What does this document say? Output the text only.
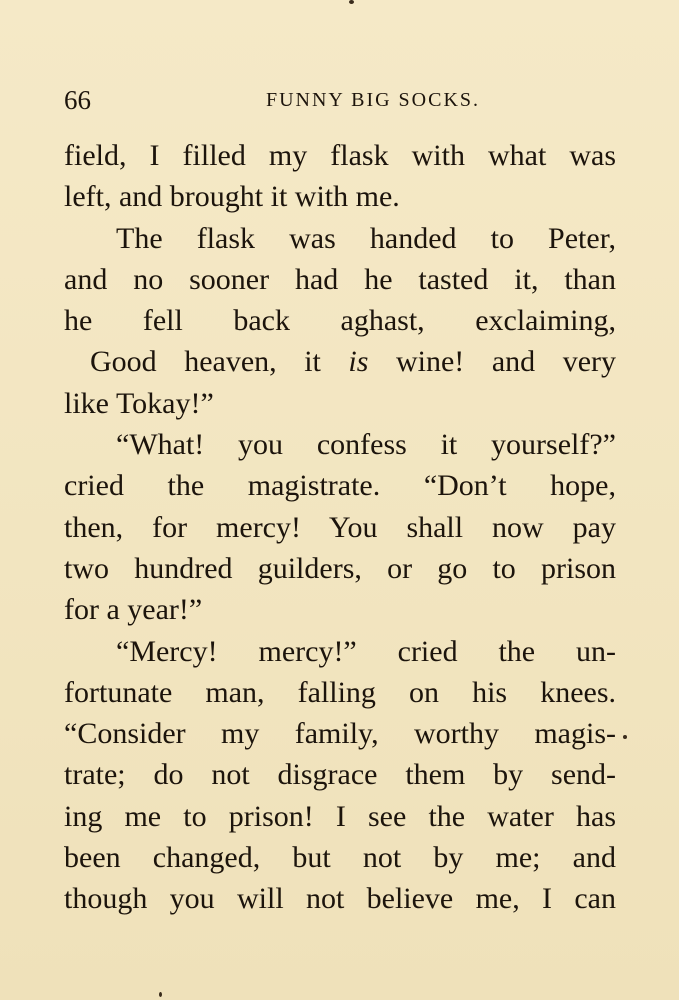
66	FUNNY BIG SOCKS.
field, I filled my flask with what was
left, and brought it with me.
The flask was handed to Peter,
and no sooner had he tasted it, than
he fell back aghast, exclaiming,
Good heaven, it is wine! and very
like Tokay!”
“What! you confess it yourself?”
cried the magistrate. “Don’t hope,
then, for mercy! You shall now pay
two hundred guilders, or go to prison
for a year!”
“Mercy! mercy!” cried the un-
fortunate man, falling on his knees.
“Consider my family, worthy magis-
trate; do not disgrace them by send-
ing me to prison! I see the water has
been changed, but not by me; and
though you will not believe me, I can
